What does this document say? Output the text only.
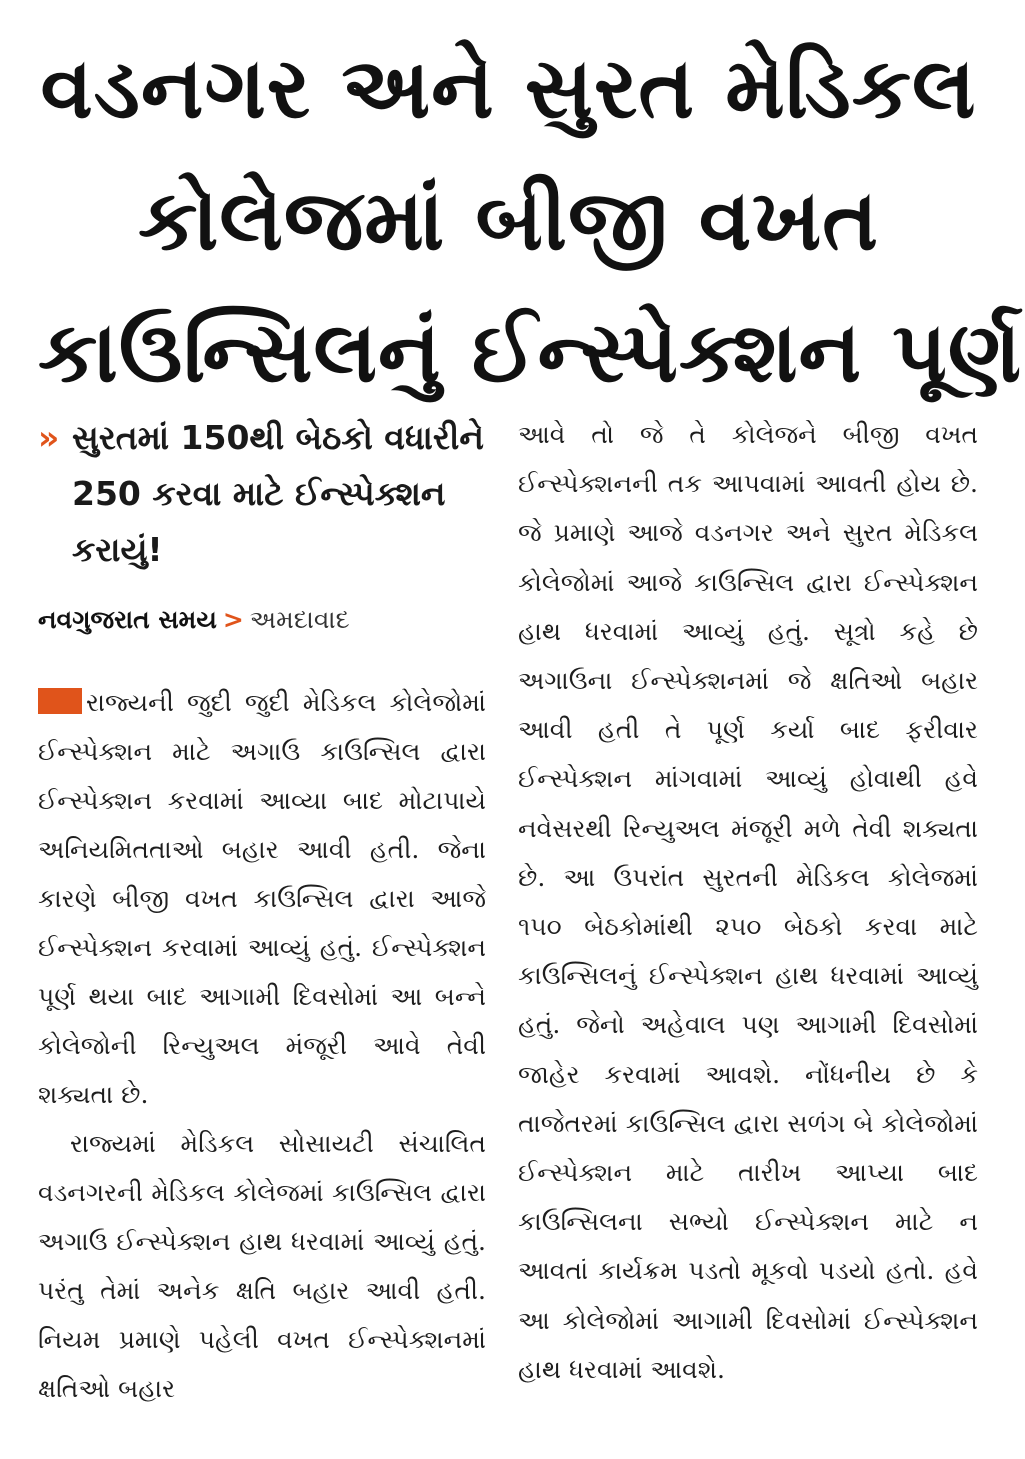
વડનગર અને સુરત મેડિકલ
કોલેજમાં બીજી વખત
કાઉન્સિલનું ઈન્સ્પેક્શન પૂર્ણ

» સુરતમાં 150થી બેઠકો વધારીને 250 કરવા માટે ઈન્સ્પેક્શન કરાયું!

નવગુજરાત સમય > અમદાવાદ

રાજ્યની જુદી જુદી મેડિકલ કોલેજોમાં ઈન્સ્પેક્શન માટે અગાઉ કાઉન્સિલ દ્વારા ઈન્સ્પેક્શન કરવામાં આવ્યા બાદ મોટાપાયે અનિયમિતતાઓ બહાર આવી હતી. જેના કારણે બીજી વખત કાઉન્સિલ દ્વારા આજે ઈન્સ્પેક્શન કરવામાં આવ્યું હતું. ઈન્સ્પેક્શન પૂર્ણ થયા બાદ આગામી દિવસોમાં આ બન્ને કોલેજોની રિન્યુઅલ મંજૂરી આવે તેવી શક્યતા છે.

રાજ્યમાં મેડિકલ સોસાયટી સંચાલિત વડનગરની મેડિકલ કોલેજમાં કાઉન્સિલ દ્વારા અગાઉ ઈન્સ્પેક્શન હાથ ધરવામાં આવ્યું હતું. પરંતુ તેમાં અનેક ક્ષતિ બહાર આવી હતી. નિયમ પ્રમાણે પહેલી વખત ઈન્સ્પેક્શનમાં ક્ષતિઓ બહાર

આવે તો જે તે કોલેજને બીજી વખત ઈન્સ્પેક્શનની તક આપવામાં આવતી હોય છે. જે પ્રમાણે આજે વડનગર અને સુરત મેડિકલ કોલેજોમાં આજે કાઉન્સિલ દ્વારા ઈન્સ્પેક્શન હાથ ધરવામાં આવ્યું હતું. સૂત્રો કહે છે અગાઉના ઈન્સ્પેક્શનમાં જે ક્ષતિઓ બહાર આવી હતી તે પૂર્ણ કર્યા બાદ ફરીવાર ઈન્સ્પેક્શન માંગવામાં આવ્યું હોવાથી હવે નવેસરથી રિન્યુઅલ મંજૂરી મળે તેવી શક્યતા છે. આ ઉપરાંત સુરતની મેડિકલ કોલેજમાં ૧૫૦ બેઠકોમાંથી ૨૫૦ બેઠકો કરવા માટે કાઉન્સિલનું ઈન્સ્પેક્શન હાથ ધરવામાં આવ્યું હતું. જેનો અહેવાલ પણ આગામી દિવસોમાં જાહેર કરવામાં આવશે. નોંધનીય છે કે તાજેતરમાં કાઉન્સિલ દ્વારા સળંગ બે કોલેજોમાં ઈન્સ્પેક્શન માટે તારીખ આપ્યા બાદ કાઉન્સિલના સભ્યો ઈન્સ્પેક્શન માટે ન આવતાં કાર્યક્રમ પડતો મૂકવો પડયો હતો. હવે આ કોલેજોમાં આગામી દિવસોમાં ઈન્સ્પેક્શન હાથ ધરવામાં આવશે.
